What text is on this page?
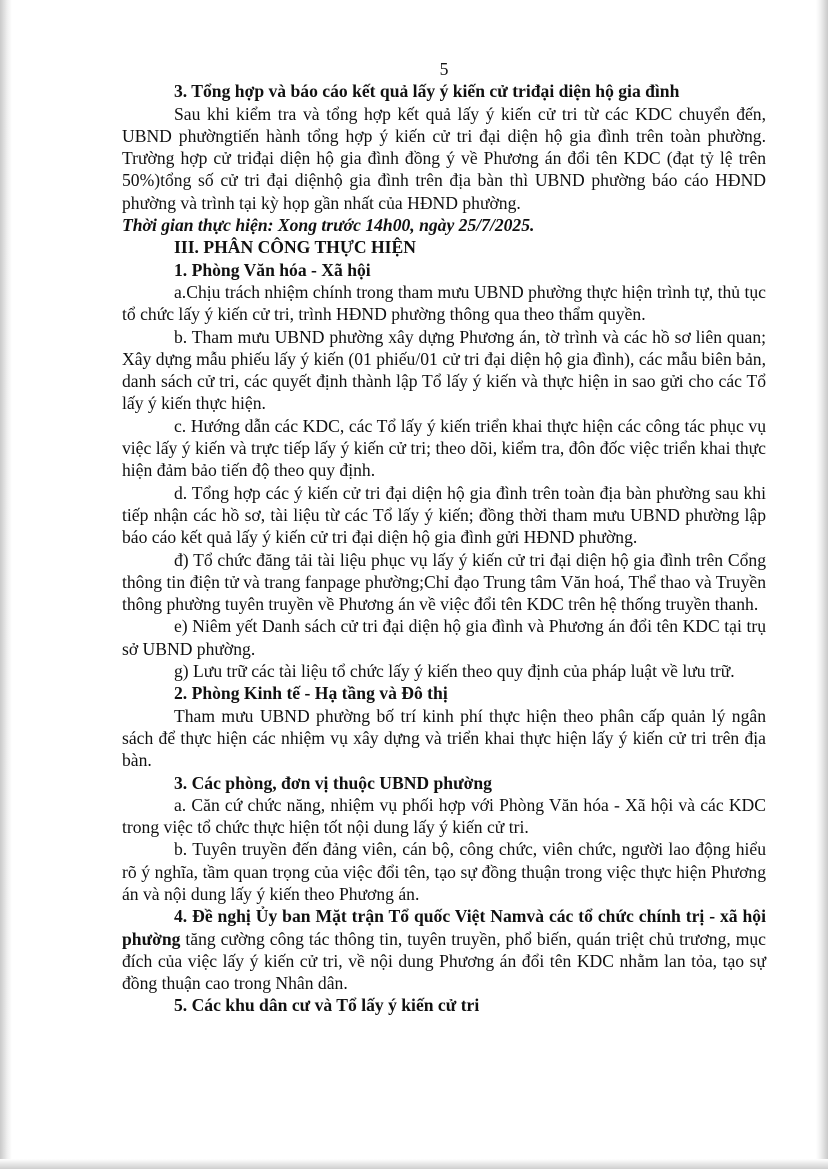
5

3. Tổng hợp và báo cáo kết quả lấy ý kiến cử triđại diện hộ gia đình

Sau khi kiểm tra và tổng hợp kết quả lấy ý kiến cử tri từ các KDC chuyển đến, UBND phườngtiến hành tổng hợp ý kiến cử tri đại diện hộ gia đình trên toàn phường. Trường hợp cử triđại diện hộ gia đình đồng ý về Phương án đổi tên KDC (đạt tỷ lệ trên 50%)tổng số cử tri đại diệnhộ gia đình trên địa bàn thì UBND phường báo cáo HĐND phường và trình tại kỳ họp gần nhất của HĐND phường.

Thời gian thực hiện: Xong trước 14h00, ngày 25/7/2025.

III. PHÂN CÔNG THỰC HIỆN

1. Phòng Văn hóa - Xã hội

a.Chịu trách nhiệm chính trong tham mưu UBND phường thực hiện trình tự, thủ tục tổ chức lấy ý kiến cử tri, trình HĐND phường thông qua theo thẩm quyền.

b. Tham mưu UBND phường xây dựng Phương án, tờ trình và các hồ sơ liên quan; Xây dựng mẫu phiếu lấy ý kiến (01 phiếu/01 cử tri đại diện hộ gia đình), các mẫu biên bản, danh sách cử tri, các quyết định thành lập Tổ lấy ý kiến và thực hiện in sao gửi cho các Tổ lấy ý kiến thực hiện.

c. Hướng dẫn các KDC, các Tổ lấy ý kiến triển khai thực hiện các công tác phục vụ việc lấy ý kiến và trực tiếp lấy ý kiến cử tri; theo dõi, kiểm tra, đôn đốc việc triển khai thực hiện đảm bảo tiến độ theo quy định.

d. Tổng hợp các ý kiến cử tri đại diện hộ gia đình trên toàn địa bàn phường sau khi tiếp nhận các hồ sơ, tài liệu từ các Tổ lấy ý kiến; đồng thời tham mưu UBND phường lập báo cáo kết quả lấy ý kiến cử tri đại diện hộ gia đình gửi HĐND phường.

đ) Tổ chức đăng tải tài liệu phục vụ lấy ý kiến cử tri đại diện hộ gia đình trên Cổng thông tin điện tử và trang fanpage phường;Chỉ đạo Trung tâm Văn hoá, Thể thao và Truyền thông phường tuyên truyền về Phương án về việc đổi tên KDC trên hệ thống truyền thanh.

e) Niêm yết Danh sách cử tri đại diện hộ gia đình và Phương án đổi tên KDC tại trụ sở UBND phường.

g) Lưu trữ các tài liệu tổ chức lấy ý kiến theo quy định của pháp luật về lưu trữ.

2. Phòng Kinh tế - Hạ tầng và Đô thị

Tham mưu UBND phường bố trí kinh phí thực hiện theo phân cấp quản lý ngân sách để thực hiện các nhiệm vụ xây dựng và triển khai thực hiện lấy ý kiến cử tri trên địa bàn.

3. Các phòng, đơn vị thuộc UBND phường

a. Căn cứ chức năng, nhiệm vụ phối hợp với Phòng Văn hóa - Xã hội và các KDC trong việc tổ chức thực hiện tốt nội dung lấy ý kiến cử tri.

b. Tuyên truyền đến đảng viên, cán bộ, công chức, viên chức, người lao động hiểu rõ ý nghĩa, tầm quan trọng của việc đổi tên, tạo sự đồng thuận trong việc thực hiện Phương án và nội dung lấy ý kiến theo Phương án.

4. Đề nghị Ủy ban Mặt trận Tổ quốc Việt Namvà các tổ chức chính trị - xã hội phường tăng cường công tác thông tin, tuyên truyền, phổ biến, quán triệt chủ trương, mục đích của việc lấy ý kiến cử tri, về nội dung Phương án đổi tên KDC nhằm lan tỏa, tạo sự đồng thuận cao trong Nhân dân.

5. Các khu dân cư và Tổ lấy ý kiến cử tri
